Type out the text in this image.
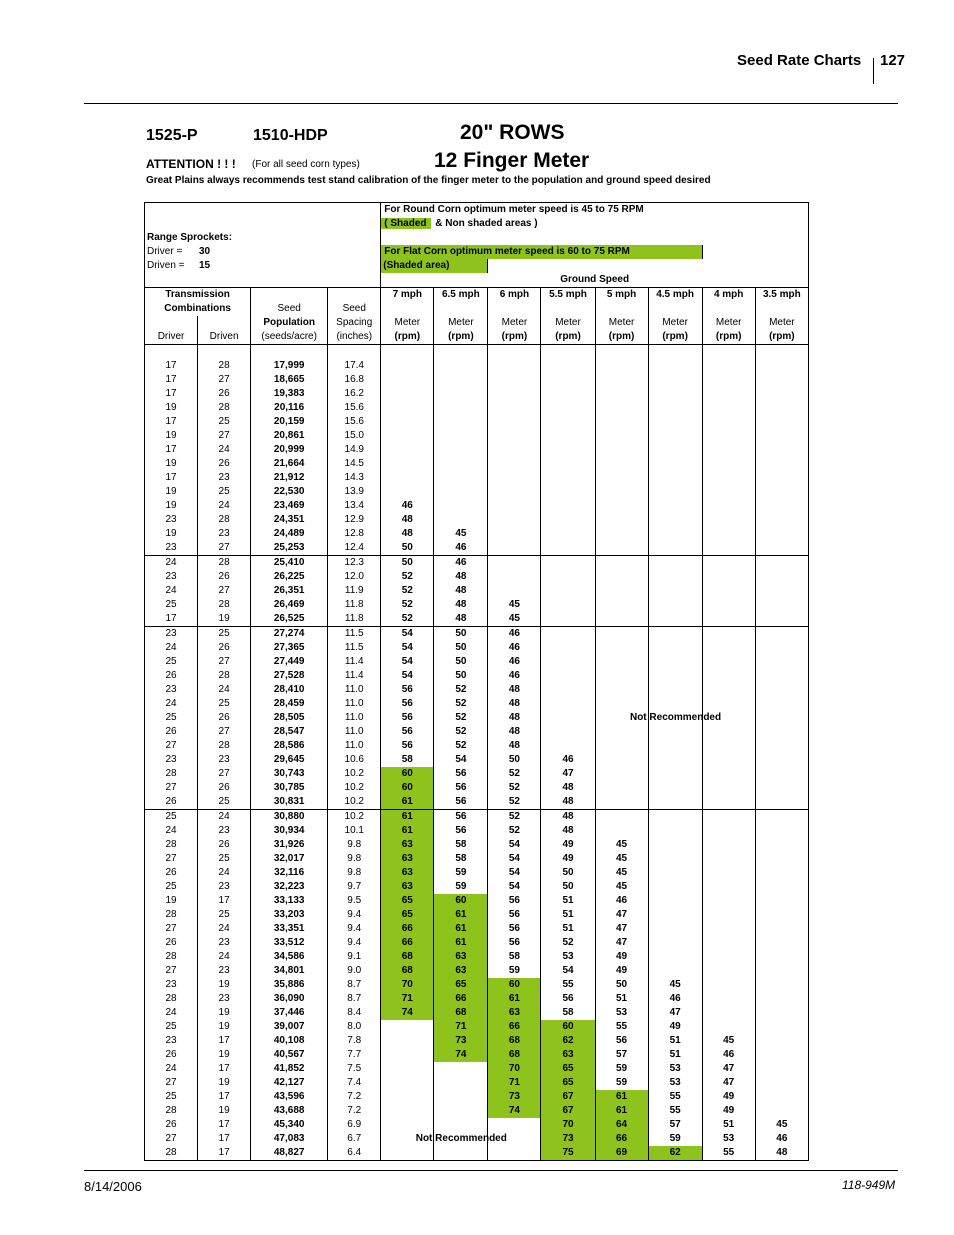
Seed Rate Charts 127
1525-P	1510-HDP	20" ROWS
12 Finger Meter
ATTENTION ! ! ! (For all seed corn types)
Great Plains always recommends test stand calibration of the finger meter to the population and ground speed desired
				For Round Corn optimum meter speed is 45 to 75 RPM							
				( Shaded & Non shaded areas )							
Range Sprockets:											
Driver = 30				For Flat Corn optimum meter speed is 60 to 75 RPM							
Driven = 15				(Shaded area)							
				Ground Speed							
Transmission				7 mph	6.5 mph	6 mph	5.5 mph	5 mph	4.5 mph	4 mph	3.5 mph
Combinations		Seed	Seed								
		Population	Spacing	Meter	Meter	Meter	Meter	Meter	Meter	Meter	Meter
Driver	Driven	(seeds/acre)	(inches)	(rpm)	(rpm)	(rpm)	(rpm)	(rpm)	(rpm)	(rpm)	(rpm)

17	28	17,999	17.4								
17	27	18,665	16.8								
17	26	19,383	16.2								
19	28	20,116	15.6								
17	25	20,159	15.6								
19	27	20,861	15.0								
17	24	20,999	14.9								
19	26	21,664	14.5								
17	23	21,912	14.3								
19	25	22,530	13.9								
19	24	23,469	13.4	46							
23	28	24,351	12.9	48							
19	23	24,489	12.8	48	45						
23	27	25,253	12.4	50	46						
24	28	25,410	12.3	50	46						
23	26	26,225	12.0	52	48						
24	27	26,351	11.9	52	48						
25	28	26,469	11.8	52	48	45					
17	19	26,525	11.8	52	48	45					
23	25	27,274	11.5	54	50	46					
24	26	27,365	11.5	54	50	46					
25	27	27,449	11.4	54	50	46					
26	28	27,528	11.4	54	50	46					
23	24	28,410	11.0	56	52	48					
24	25	28,459	11.0	56	52	48					
25	26	28,505	11.0	56	52	48		Not Recommended			

26	27	28,547	11.0	56	52	48					
27	28	28,586	11.0	56	52	48					
23	23	29,645	10.6	58	54	50	46				
28	27	30,743	10.2	60	56	52	47				
27	26	30,785	10.2	60	56	52	48				
26	25	30,831	10.2	61	56	52	48				
25	24	30,880	10.2	61	56	52	48				
24	23	30,934	10.1	61	56	52	48				
28	26	31,926	9.8	63	58	54	49	45			
27	25	32,017	9.8	63	58	54	49	45			
26	24	32,116	9.8	63	59	54	50	45			
25	23	32,223	9.7	63	59	54	50	45			
19	17	33,133	9.5	65	60	56	51	46			
28	25	33,203	9.4	65	61	56	51	47			
27	24	33,351	9.4	66	61	56	51	47			
26	23	33,512	9.4	66	61	56	52	47			
28	24	34,586	9.1	68	63	58	53	49			
27	23	34,801	9.0	68	63	59	54	49			
23	19	35,886	8.7	70	65	60	55	50	45		
28	23	36,090	8.7	71	66	61	56	51	46		
24	19	37,446	8.4	74	68	63	58	53	47		
25	19	39,007	8.0		71	66	60	55	49		
23	17	40,108	7.8		73	68	62	56	51	45	
26	19	40,567	7.7		74	68	63	57	51	46	
24	17	41,852	7.5			70	65	59	53	47	
27	19	42,127	7.4			71	65	59	53	47	
25	17	43,596	7.2			73	67	61	55	49	
28	19	43,688	7.2			74	67	61	55	49	
26	17	45,340	6.9				70	64	57	51	45
27	17	47,083	6.7	Not Recommended			73	66	59	53	46
28	17	48,827	6.4				75	69	62	55	48
8/14/2006	118-949M
